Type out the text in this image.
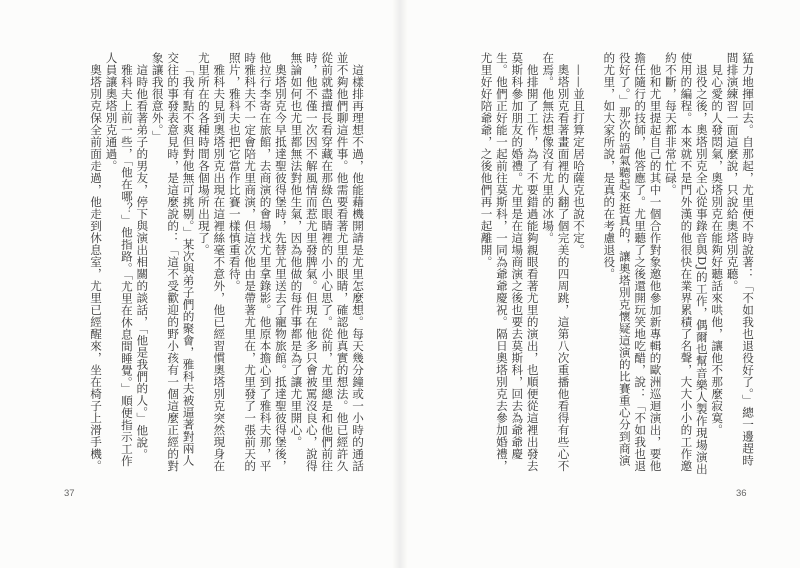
這樣排再理想不過，他能藉機開請是尤里怎麼想。每天幾分鐘或一小時的通話並不夠他們聊這件事。他需要看著尤里的眼睛，確認他真實的想法。他已經許久從前就盡擅長看穿藏在那綠色眼睛裡的小小心思了。從前，尤里總是和他們前往時，他不僅一次因不解風情而惹尤里發脾氣。但現在他多只會被罵沒良心，說得無論如何也尤里都無法對他生氣，因為他做的每件事都是為了讓尤里開心。

奧塔別克今早抵達聖彼得堡時，先替尤里送去了寵物旅館。抵達聖彼得堡後，他拉行李寄在旅館，去商演的會場找尤里拿錄影。他原本擔心到了雅科夫那，平時雅科夫不一定會陪尤里商演，但這次他由是帶著尤里在，尤里發了一張前天的照片，雅科夫也把它當作比賽一樣慎重看待。

雅科夫見到奧塔別克出現在這裡絲毫不意外，他已經習慣奧塔別克突然現身在尤里所在的各種時間各個場所出現了。

「我有點不爽但對他無可挑剔。」某次與弟子們的聚會，雅科夫被逼著對兩人交往的事發表意見時，是這麼說的：「這不受歡迎的野小孩有一個這麼正經的對象讓我很意外。」

這時他看著弟子的男友，停下與演出相關的談話，「他是我們的人。」他說。

雅科夫上前一些，「他在哪？」他指路。「尤里在休息間睡覺。」順便指示工作人員讓奧塔別克通過。

奧塔別克保全前面走過，他走到休息室，尤里已經醒來，坐在椅子上滑手機。

37

猛力地揮回去。自那起，尤里便不時說著：「不如我也退役好了。」總一邊趕時間排演練習一面這麼說，只說給奧塔別克聽。

見心愛的人發悶氣，奧塔別克在能夠好聽話來哄他，讓他不那麼寂寞。

退役之後，奧塔別克全心從事錄音與DJ的工作，偶爾也幫音樂人製作現場演出使用的編程。本來就不是門外漢的他很快在業界累積了名聲，大大小小的工作邀約不斷，每天都非常忙碌。

他和尤里提起自己的其中一個合作對象邀他參加新專輯的歐洲巡迴演出，要他擔任隨行的技師，他答應了。尤里聽了之後還開玩笑地吃醋，說：「不如我也退役好了。」那次的語氣聽起來挺真的，讓奧塔別克懷疑這演的比賽重心分到商演的尤里，如大家所說，是真的在考慮退役。

——並且打算定居哈薩克也說不定。

奧塔別克看著畫面裡的人翻了個完美的四周跳，這第八次重播他看得有些心不在焉。他無法想像沒有尤里的冰場。

他排開了工作，為了不要錯過能夠親眼看著尤里的演出，也順便從這裡出發去莫斯科參加朋友的婚禮。尤里是在這場商演之後也要去莫斯科，回去為爺爺慶生。他們正好能一起前往莫斯科，一同為爺爺慶祝。隔日奧塔別克去參加婚禮，尤里好好陪爺爺，之後他們再一起離開。

36
